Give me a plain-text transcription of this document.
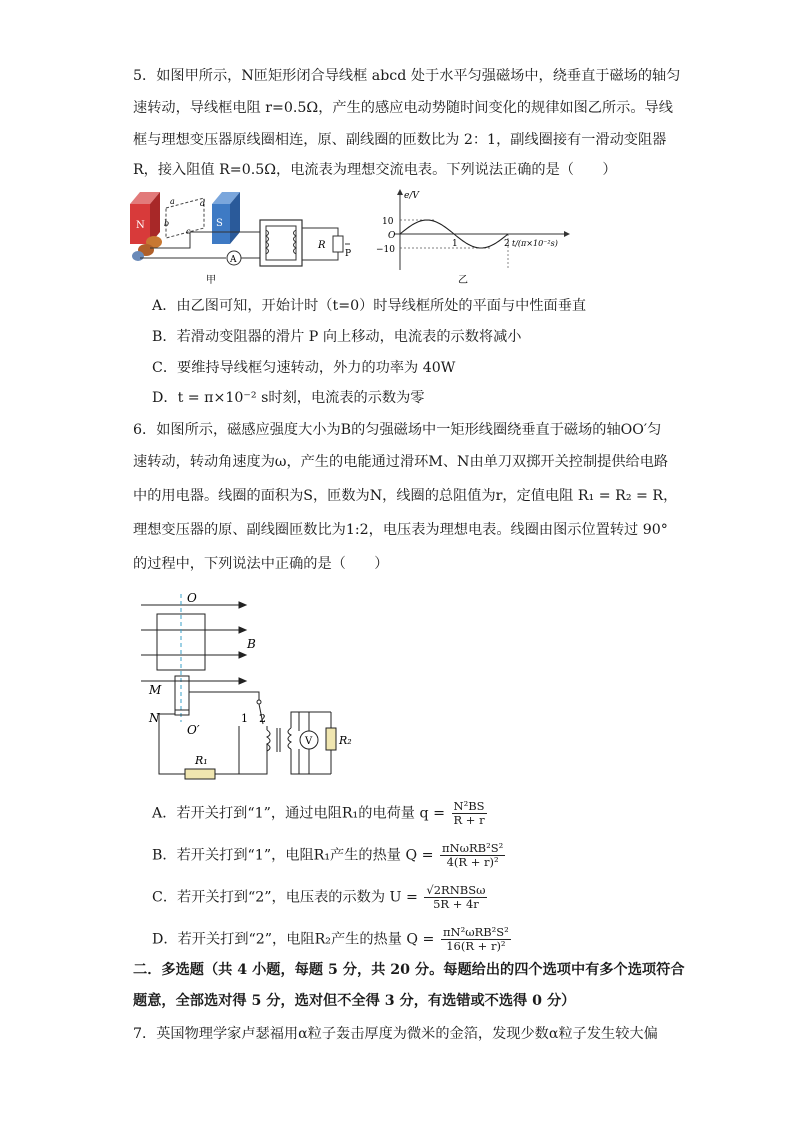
5．如图甲所示，N匝矩形闭合导线框 abcd 处于水平匀强磁场中，绕垂直于磁场的轴匀
速转动，导线框电阻 r=0.5Ω，产生的感应电动势随时间变化的规律如图乙所示。导线
框与理想变压器原线圈相连，原、副线圈的匝数比为 2：1，副线圈接有一滑动变阻器
R，接入阻值 R=0.5Ω，电流表为理想交流电表。下列说法正确的是（　　）
N	S
a
b
c
d
A
R
P
甲
e/V
10
O
−10
1	2 t/(π×10⁻²s)
乙
A．由乙图可知，开始计时（t=0）时导线框所处的平面与中性面垂直
B．若滑动变阻器的滑片 P 向上移动，电流表的示数将减小
C．要维持导线框匀速转动，外力的功率为 40W
D．t = π×10⁻² s时刻，电流表的示数为零
6．如图所示，磁感应强度大小为B的匀强磁场中一矩形线圈绕垂直于磁场的轴OO′匀
速转动，转动角速度为ω，产生的电能通过滑环M、N由单刀双掷开关控制提供给电路
中的用电器。线圈的面积为S，匝数为N，线圈的总阻值为r，定值电阻 R₁ = R₂ = R，
理想变压器的原、副线圈匝数比为1:2，电压表为理想电表。线圈由图示位置转过 90°
的过程中，下列说法中正确的是（　　）
O
B
M
N
O′
R₁
1 2
V R₂
A．若开关打到“1”，通过电阻R₁的电荷量 $q = \frac{\text{N²BS}}{R + r}$
B．若开关打到“1”，电阻R₁产生的热量 $Q = \frac{\text{πNωRB²S²}}{\text{4(R + r)²}}$
C．若开关打到“2”，电压表的示数为 $U = \frac{\text{√2RNBSω}}{5R + 4r}$
D．若开关打到“2”，电阻R₂产生的热量 $Q = \frac{\text{πN²ωRB²S²}}{\text{16(R + r)²}}$
二．多选题（共 4 小题，每题 5 分，共 20 分。每题给出的四个选项中有多个选项符合
题意，全部选对得 5 分，选对但不全得 3 分，有选错或不选得 0 分）
7．英国物理学家卢瑟福用α粒子轰击厚度为微米的金箔，发现少数α粒子发生较大偏
